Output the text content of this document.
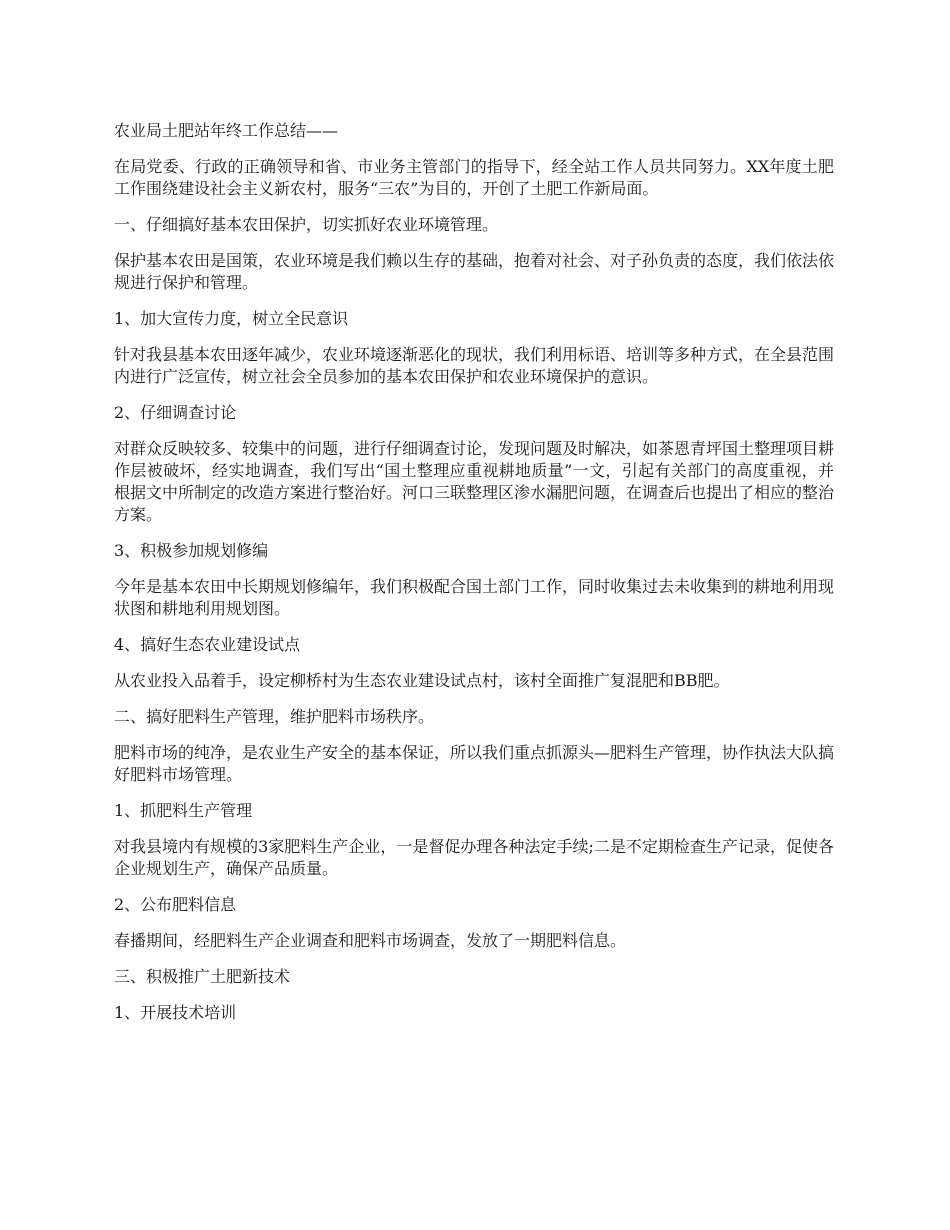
农业局土肥站年终工作总结——

在局党委、行政的正确领导和省、市业务主管部门的指导下，经全站工作人员共同努力。XX年度土肥工作围绕建设社会主义新农村，服务“三农”为目的，开创了土肥工作新局面。

一、仔细搞好基本农田保护，切实抓好农业环境管理。

保护基本农田是国策，农业环境是我们赖以生存的基础，抱着对社会、对子孙负责的态度，我们依法依规进行保护和管理。

1、加大宣传力度，树立全民意识

针对我县基本农田逐年减少，农业环境逐渐恶化的现状，我们利用标语、培训等多种方式，在全县范围内进行广泛宣传，树立社会全员参加的基本农田保护和农业环境保护的意识。

2、仔细调查讨论

对群众反映较多、较集中的问题，进行仔细调查讨论，发现问题及时解决，如茶恩青坪国土整理项目耕作层被破坏，经实地调查，我们写出“国土整理应重视耕地质量”一文，引起有关部门的高度重视，并根据文中所制定的改造方案进行整治好。河口三联整理区渗水漏肥问题，在调查后也提出了相应的整治方案。

3、积极参加规划修编

今年是基本农田中长期规划修编年，我们积极配合国土部门工作，同时收集过去未收集到的耕地利用现状图和耕地利用规划图。

4、搞好生态农业建设试点

从农业投入品着手，设定柳桥村为生态农业建设试点村，该村全面推广复混肥和BB肥。

二、搞好肥料生产管理，维护肥料市场秩序。

肥料市场的纯净，是农业生产安全的基本保证，所以我们重点抓源头—肥料生产管理，协作执法大队搞好肥料市场管理。

1、抓肥料生产管理

对我县境内有规模的3家肥料生产企业，一是督促办理各种法定手续;二是不定期检查生产记录，促使各企业规划生产，确保产品质量。

2、公布肥料信息

春播期间，经肥料生产企业调查和肥料市场调查，发放了一期肥料信息。

三、积极推广土肥新技术

1、开展技术培训
